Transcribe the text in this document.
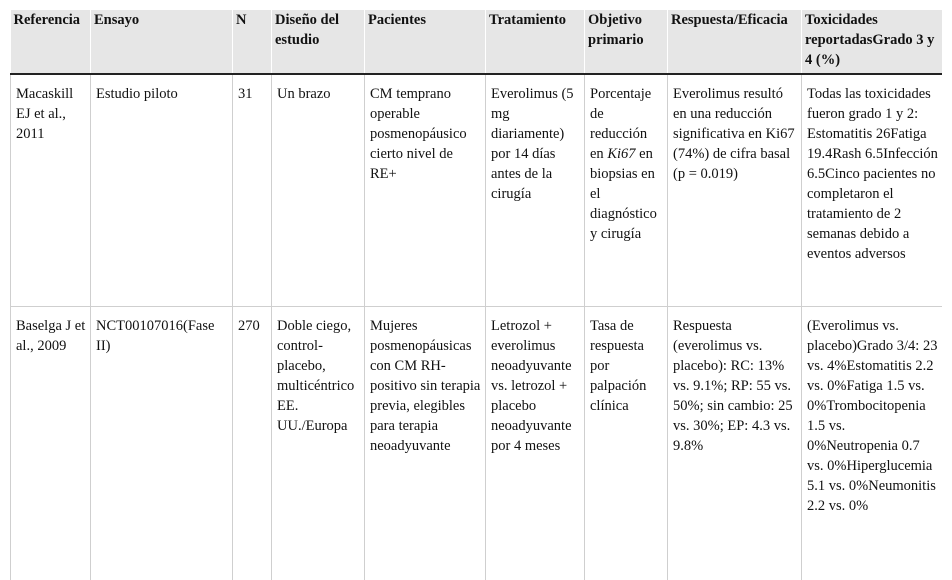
Referencia	Ensayo	N	Diseño del estudio	Pacientes	Tratamiento	Objetivo primario	Respuesta/Eficacia	Toxicidades reportadasGrado 3 y 4 (%)
Macaskill EJ et al., 2011	Estudio piloto	31	Un brazo	CM temprano operable posmenopáusico cierto nivel de RE+	Everolimus (5 mg diariamente) por 14 días antes de la cirugía	Porcentaje de reducción en Ki67 en biopsias en el diagnóstico y cirugía	Everolimus resultó en una reducción significativa en Ki67 (74%) de cifra basal (p = 0.019)	Todas las toxicidades fueron grado 1 y 2: Estomatitis 26Fatiga 19.4Rash 6.5Infección 6.5Cinco pacientes no completaron el tratamiento de 2 semanas debido a eventos adversos
Baselga J et al., 2009	NCT00107016(Fase II)	270	Doble ciego, control-placebo, multicéntrico EE. UU./Europa	Mujeres posmenopáusicas con CM RH-positivo sin terapia previa, elegibles para terapia neoadyuvante	Letrozol + everolimus neoadyuvante vs. letrozol + placebo neoadyuvante por 4 meses	Tasa de respuesta por palpación clínica	Respuesta (everolimus vs. placebo): RC: 13% vs. 9.1%; RP: 55 vs. 50%; sin cambio: 25 vs. 30%; EP: 4.3 vs. 9.8%	(Everolimus vs. placebo)Grado 3/4: 23 vs. 4%Estomatitis 2.2 vs. 0%Fatiga 1.5 vs. 0%Trombocitopenia 1.5 vs. 0%Neutropenia 0.7 vs. 0%Hiperglucemia 5.1 vs. 0%Neumonitis 2.2 vs. 0%
